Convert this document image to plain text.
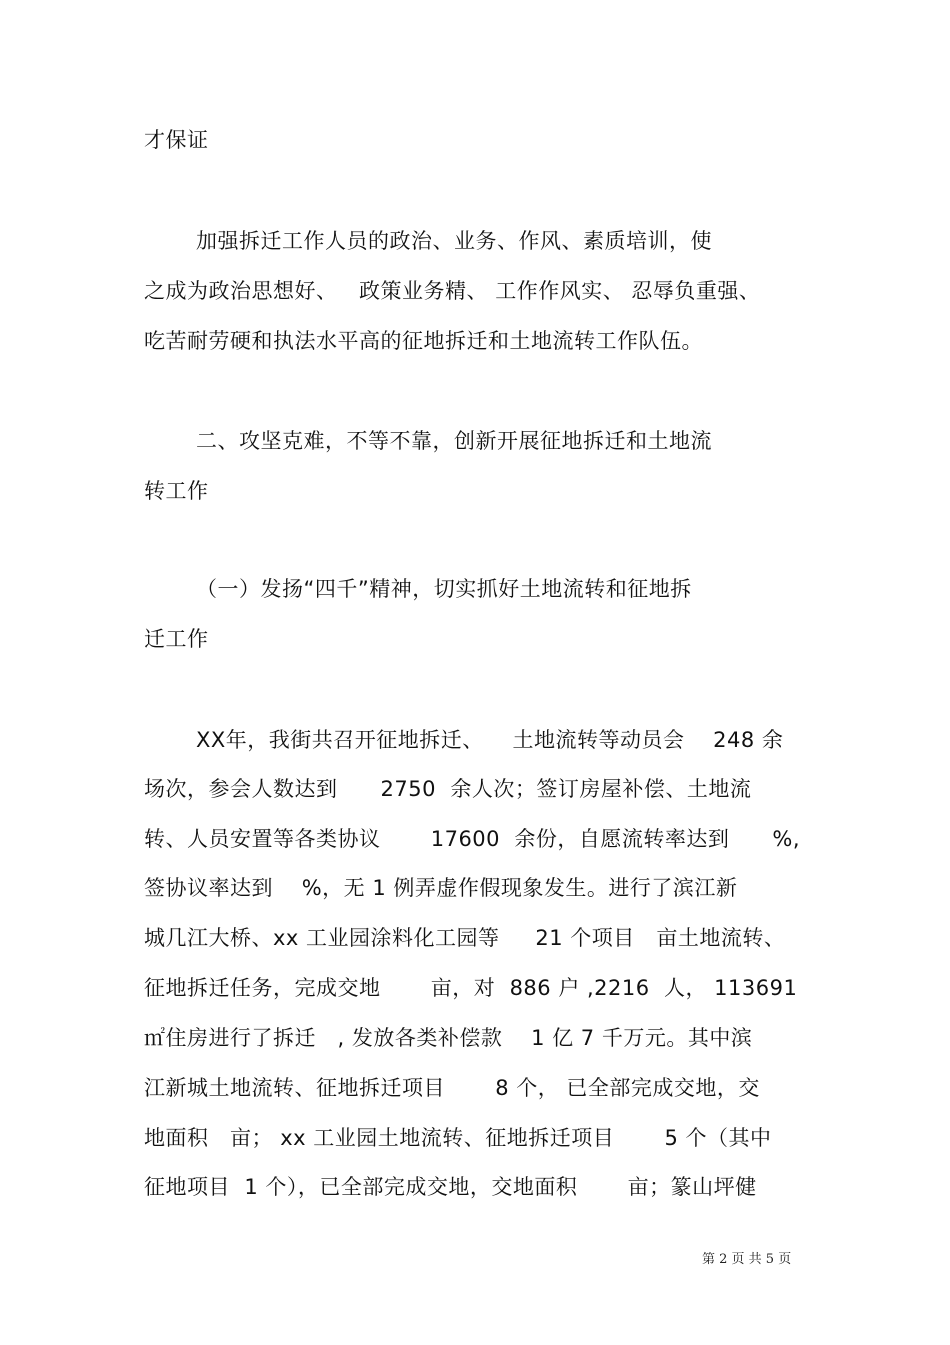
才保证
加强拆迁工作人员的政治、业务、作风、素质培训，使
之成为政治思想好、   政策业务精、 工作作风实、 忍辱负重强、
吃苦耐劳硬和执法水平高的征地拆迁和土地流转工作队伍。
二、攻坚克难，不等不靠，创新开展征地拆迁和土地流
转工作
（一）发扬“四千”精神，切实抓好土地流转和征地拆
迁工作
XX年，我街共召开征地拆迁、    土地流转等动员会    248 余
场次，参会人数达到      2750  余人次；签订房屋补偿、土地流
转、人员安置等各类协议       17600  余份，自愿流转率达到      %,
签协议率达到    %，无 1 例弄虚作假现象发生。进行了滨江新
城几江大桥、xx 工业园涂料化工园等     21 个项目   亩土地流转、
征地拆迁任务，完成交地       亩，对  886 户 ,2216  人， 113691
㎡住房进行了拆迁   , 发放各类补偿款    1 亿 7 千万元。其中滨
江新城土地流转、征地拆迁项目       8 个， 已全部完成交地，交
地面积   亩； xx 工业园土地流转、征地拆迁项目       5 个（其中
征地项目  1 个），已全部完成交地，交地面积       亩；篆山坪健
第 2 页 共 5 页
